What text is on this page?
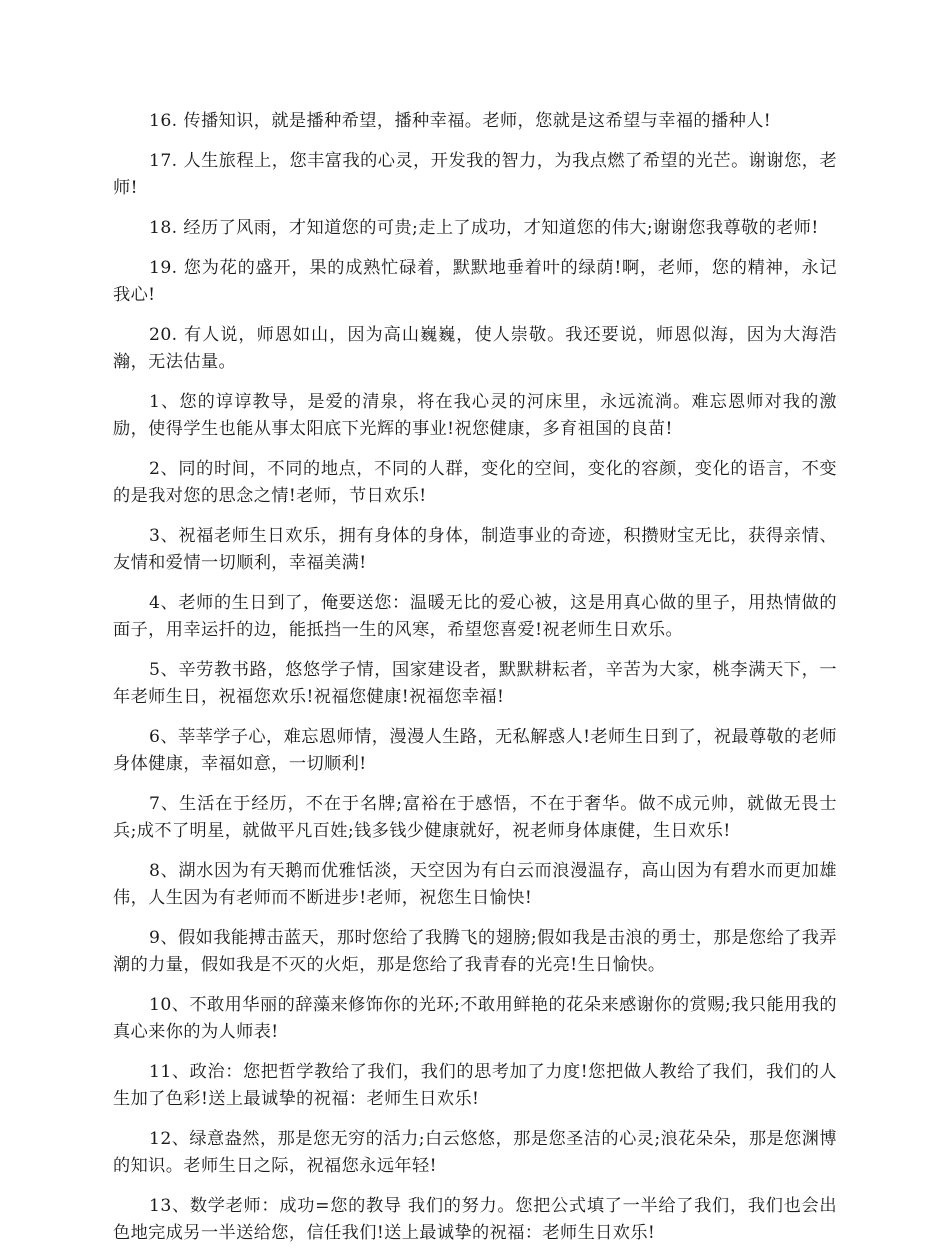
16. 传播知识，就是播种希望，播种幸福。老师，您就是这希望与幸福的播种人!

17. 人生旅程上，您丰富我的心灵，开发我的智力，为我点燃了希望的光芒。谢谢您，老师!

18. 经历了风雨，才知道您的可贵;走上了成功，才知道您的伟大;谢谢您我尊敬的老师!

19. 您为花的盛开，果的成熟忙碌着，默默地垂着叶的绿荫!啊，老师，您的精神，永记我心!

20. 有人说，师恩如山，因为高山巍巍，使人崇敬。我还要说，师恩似海，因为大海浩瀚，无法估量。

1、您的谆谆教导，是爱的清泉，将在我心灵的河床里，永远流淌。难忘恩师对我的激励，使得学生也能从事太阳底下光辉的事业!祝您健康，多育祖国的良苗!

2、同的时间，不同的地点，不同的人群，变化的空间，变化的容颜，变化的语言，不变的是我对您的思念之情!老师，节日欢乐!

3、祝福老师生日欢乐，拥有身体的身体，制造事业的奇迹，积攒财宝无比，获得亲情、友情和爱情一切顺利，幸福美满!

4、老师的生日到了，俺要送您：温暖无比的爱心被，这是用真心做的里子，用热情做的面子，用幸运扦的边，能抵挡一生的风寒，希望您喜爱!祝老师生日欢乐。

5、辛劳教书路，悠悠学子情，国家建设者，默默耕耘者，辛苦为大家，桃李满天下，一年老师生日，祝福您欢乐!祝福您健康!祝福您幸福!

6、莘莘学子心，难忘恩师情，漫漫人生路，无私解惑人!老师生日到了，祝最尊敬的老师身体健康，幸福如意，一切顺利!

7、生活在于经历，不在于名牌;富裕在于感悟，不在于奢华。做不成元帅，就做无畏士兵;成不了明星，就做平凡百姓;钱多钱少健康就好，祝老师身体康健，生日欢乐!

8、湖水因为有天鹅而优雅恬淡，天空因为有白云而浪漫温存，高山因为有碧水而更加雄伟，人生因为有老师而不断进步!老师，祝您生日愉快!

9、假如我能搏击蓝天，那时您给了我腾飞的翅膀;假如我是击浪的勇士，那是您给了我弄潮的力量，假如我是不灭的火炬，那是您给了我青春的光亮!生日愉快。

10、不敢用华丽的辞藻来修饰你的光环;不敢用鲜艳的花朵来感谢你的赏赐;我只能用我的真心来你的为人师表!

11、政治：您把哲学教给了我们，我们的思考加了力度!您把做人教给了我们，我们的人生加了色彩!送上最诚挚的祝福：老师生日欢乐!

12、绿意盎然，那是您无穷的活力;白云悠悠，那是您圣洁的心灵;浪花朵朵，那是您渊博的知识。老师生日之际，祝福您永远年轻!

13、数学老师：成功=您的教导 我们的努力。您把公式填了一半给了我们，我们也会出色地完成另一半送给您，信任我们!送上最诚挚的祝福：老师生日欢乐!
